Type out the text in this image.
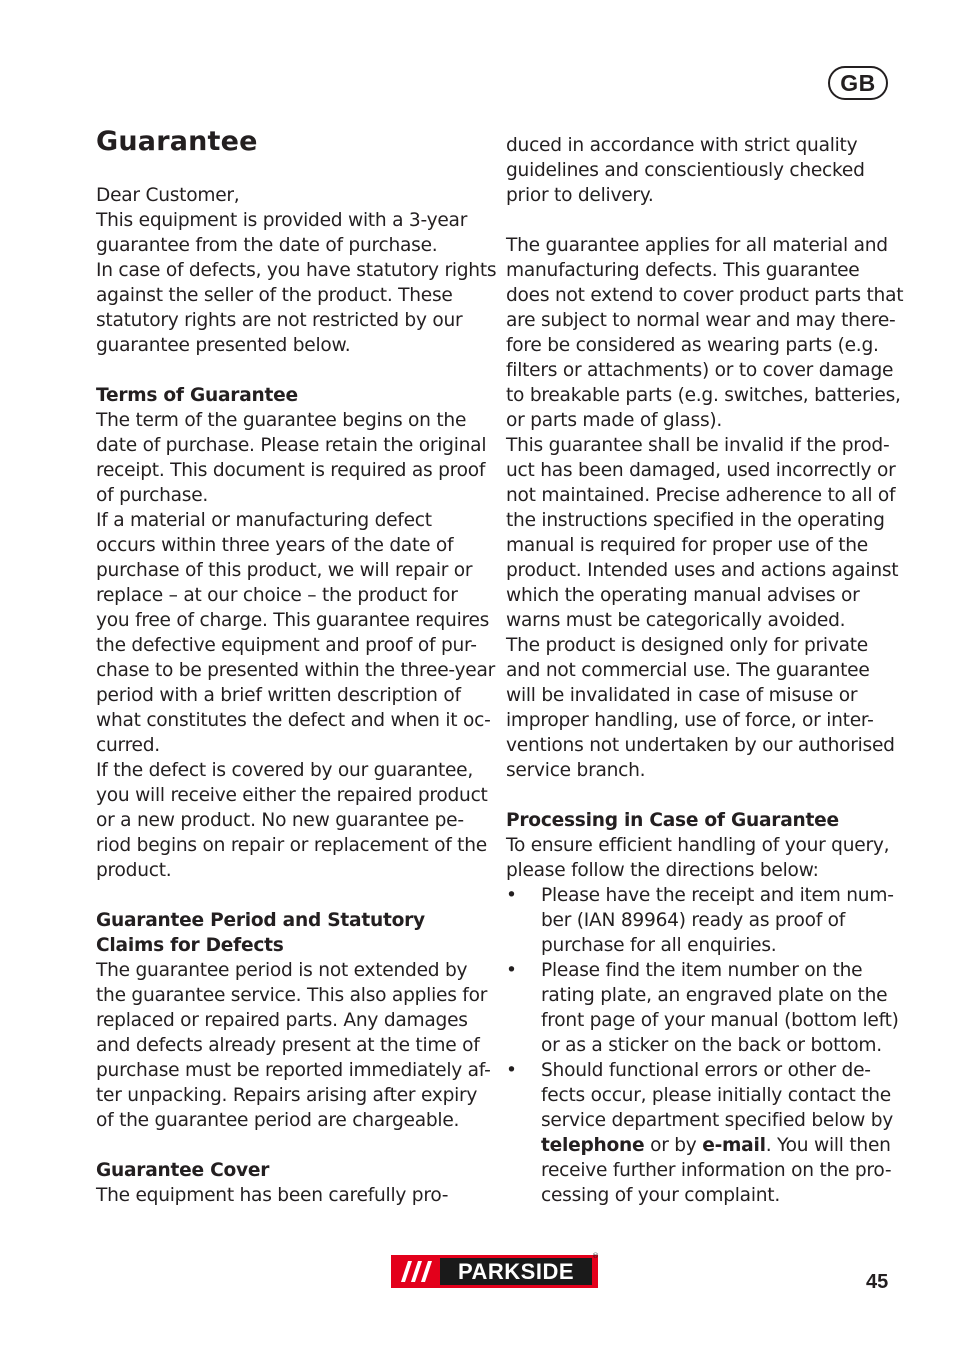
GB
Guarantee
Dear Customer,
This equipment is provided with a 3-year
guarantee from the date of purchase.
In case of defects, you have statutory rights
against the seller of the product. These
statutory rights are not restricted by our
guarantee presented below.
Terms of Guarantee
The term of the guarantee begins on the
date of purchase. Please retain the original
receipt. This document is required as proof
of purchase.
If a material or manufacturing defect
occurs within three years of the date of
purchase of this product, we will repair or
replace – at our choice – the product for
you free of charge. This guarantee requires
the defective equipment and proof of pur-
chase to be presented within the three-year
period with a brief written description of
what constitutes the defect and when it oc-
curred.
If the defect is covered by our guarantee,
you will receive either the repaired product
or a new product. No new guarantee pe-
riod begins on repair or replacement of the
product.
Guarantee Period and Statutory
Claims for Defects
The guarantee period is not extended by
the guarantee service. This also applies for
replaced or repaired parts. Any damages
and defects already present at the time of
purchase must be reported immediately af-
ter unpacking. Repairs arising after expiry
of the guarantee period are chargeable.
Guarantee Cover
The equipment has been carefully pro-
duced in accordance with strict quality
guidelines and conscientiously checked
prior to delivery.
The guarantee applies for all material and
manufacturing defects. This guarantee
does not extend to cover product parts that
are subject to normal wear and may there-
fore be considered as wearing parts (e.g.
filters or attachments) or to cover damage
to breakable parts (e.g. switches, batteries,
or parts made of glass).
This guarantee shall be invalid if the prod-
uct has been damaged, used incorrectly or
not maintained. Precise adherence to all of
the instructions specified in the operating
manual is required for proper use of the
product. Intended uses and actions against
which the operating manual advises or
warns must be categorically avoided.
The product is designed only for private
and not commercial use. The guarantee
will be invalidated in case of misuse or
improper handling, use of force, or inter-
ventions not undertaken by our authorised
service branch.
Processing in Case of Guarantee
To ensure efficient handling of your query,
please follow the directions below:
• Please have the receipt and item num-
ber (IAN 89964) ready as proof of
purchase for all enquiries.
• Please find the item number on the
rating plate, an engraved plate on the
front page of your manual (bottom left)
or as a sticker on the back or bottom.
• Should functional errors or other de-
fects occur, please initially contact the
service department specified below by
telephone or by e-mail. You will then
receive further information on the pro-
cessing of your complaint.
PARKSIDE
®
45
